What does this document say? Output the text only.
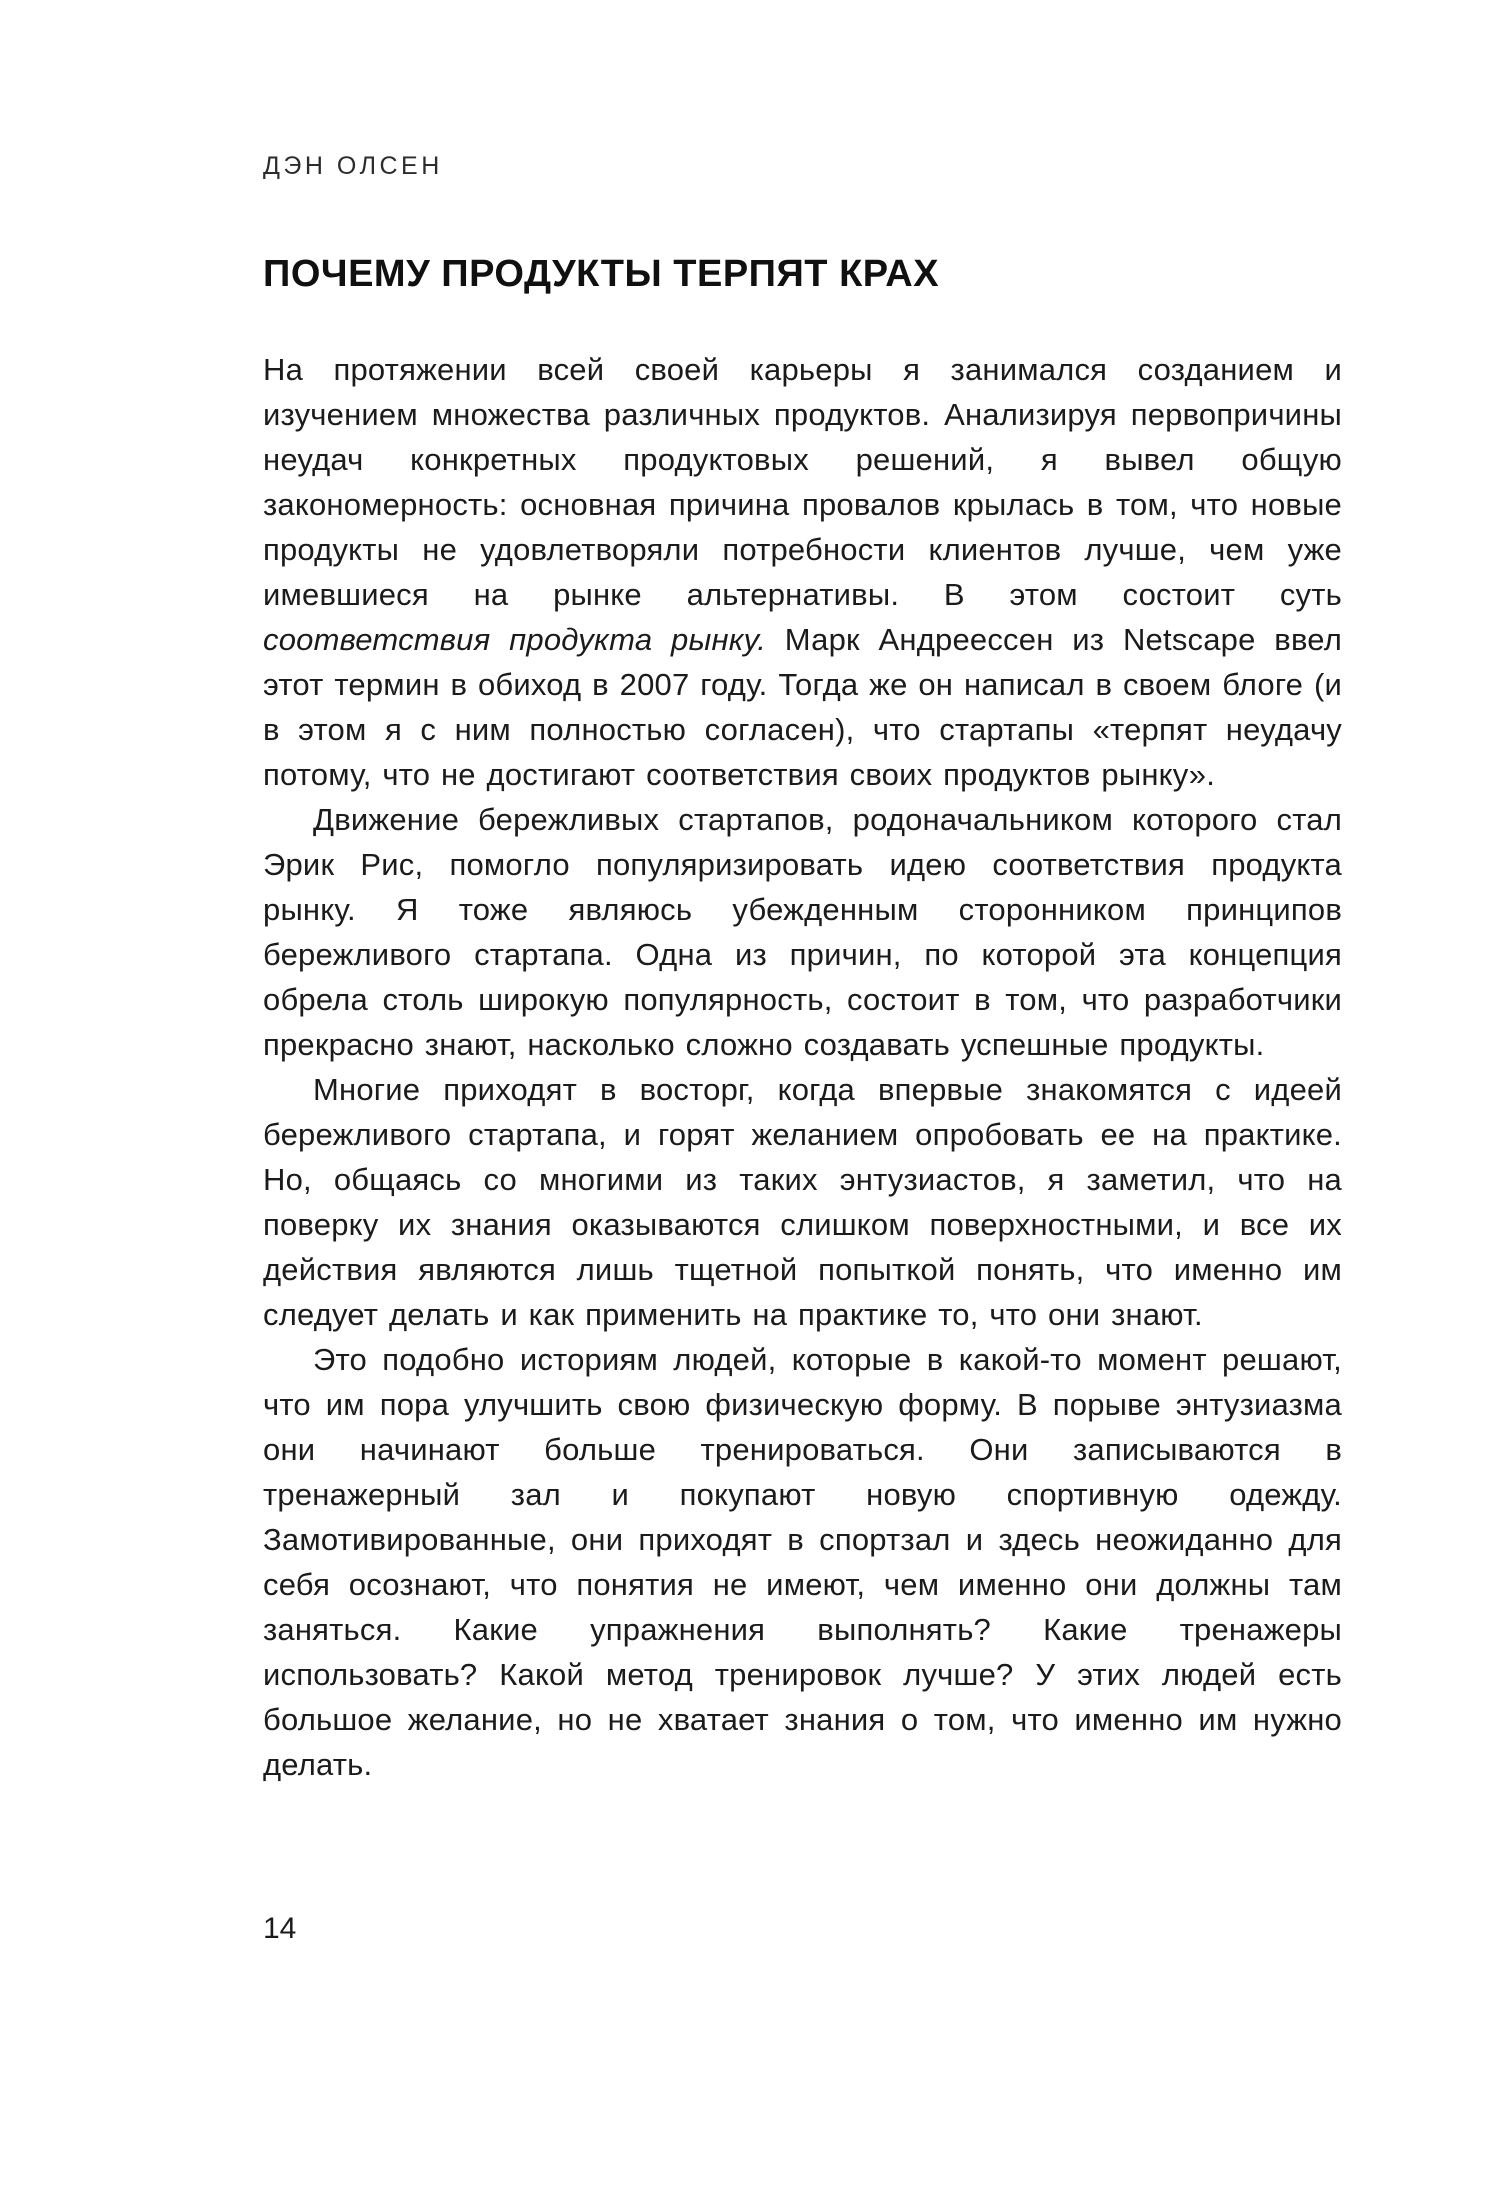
ДЭН ОЛСЕН
ПОЧЕМУ ПРОДУКТЫ ТЕРПЯТ КРАХ

На протяжении всей своей карьеры я занимался созданием и изучением множества различных продуктов. Анализируя первопричины неудач конкретных продуктовых решений, я вывел общую закономерность: основная причина провалов крылась в том, что новые продукты не удовлетворяли потребности клиентов лучше, чем уже имевшиеся на рынке альтернативы. В этом состоит суть соответствия продукта рынку. Марк Андреессен из Netscape ввел этот термин в обиход в 2007 году. Тогда же он написал в своем блоге (и в этом я с ним полностью согласен), что стартапы «терпят неудачу потому, что не достигают соответствия своих продуктов рынку».

Движение бережливых стартапов, родоначальником которого стал Эрик Рис, помогло популяризировать идею соответствия продукта рынку. Я тоже являюсь убежденным сторонником принципов бережливого стартапа. Одна из причин, по которой эта концепция обрела столь широкую популярность, состоит в том, что разработчики прекрасно знают, насколько сложно создавать успешные продукты.

Многие приходят в восторг, когда впервые знакомятся с идеей бережливого стартапа, и горят желанием опробовать ее на практике. Но, общаясь со многими из таких энтузиастов, я заметил, что на поверку их знания оказываются слишком поверхностными, и все их действия являются лишь тщетной попыткой понять, что именно им следует делать и как применить на практике то, что они знают.

Это подобно историям людей, которые в какой-то момент решают, что им пора улучшить свою физическую форму. В порыве энтузиазма они начинают больше тренироваться. Они записываются в тренажерный зал и покупают новую спортивную одежду. Замотивированные, они приходят в спортзал и здесь неожиданно для себя осознают, что понятия не имеют, чем именно они должны там заняться. Какие упражнения выполнять? Какие тренажеры использовать? Какой метод тренировок лучше? У этих людей есть большое желание, но не хватает знания о том, что именно им нужно делать.

14
